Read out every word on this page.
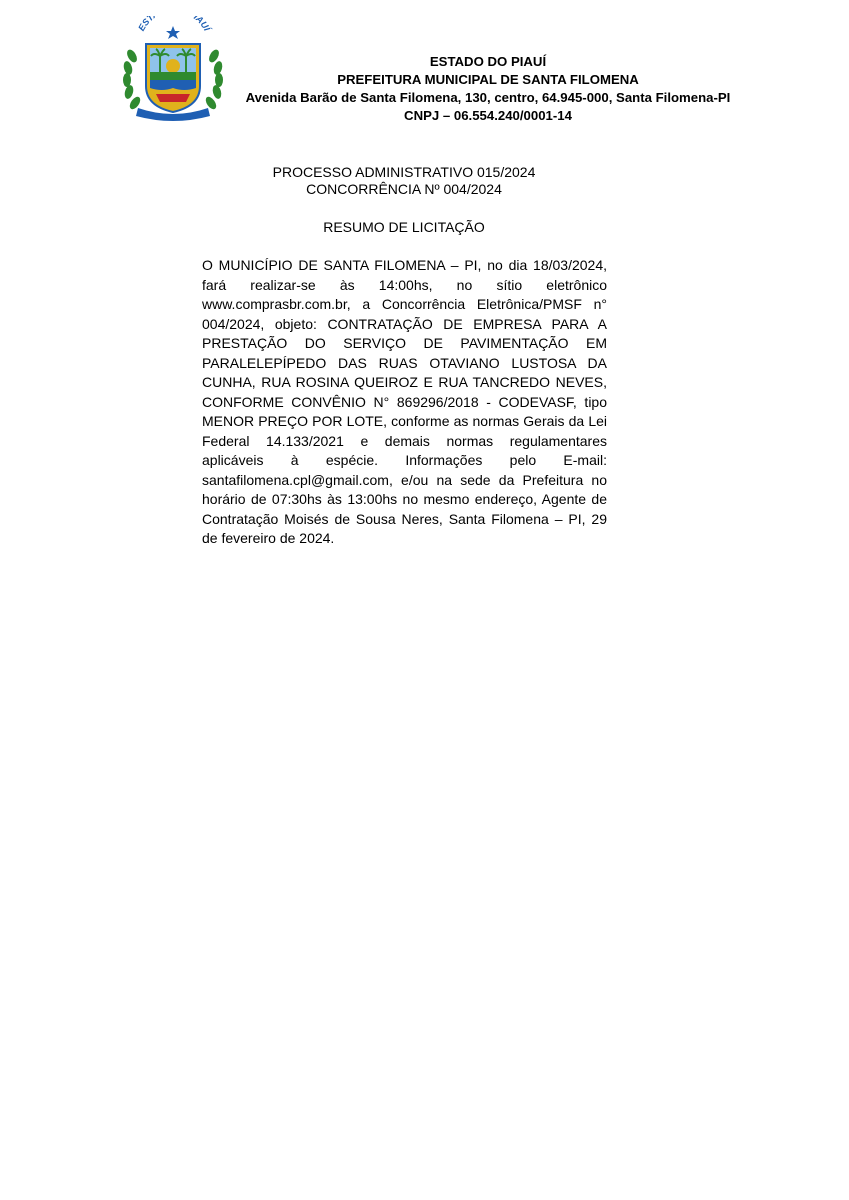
EST IAUÍ
ESTADO DO PIAUÍ
PREFEITURA MUNICIPAL DE SANTA FILOMENA
Avenida Barão de Santa Filomena, 130, centro, 64.945-000, Santa Filomena-PI
CNPJ – 06.554.240/0001-14
PROCESSO ADMINISTRATIVO 015/2024
CONCORRÊNCIA Nº 004/2024
RESUMO DE LICITAÇÃO
O MUNICÍPIO DE SANTA FILOMENA – PI, no dia 18/03/2024, fará realizar-se às 14:00hs, no sítio eletrônico www.comprasbr.com.br, a Concorrência Eletrônica/PMSF n° 004/2024, objeto: CONTRATAÇÃO DE EMPRESA PARA A PRESTAÇÃO DO SERVIÇO DE PAVIMENTAÇÃO EM PARALELEPÍPEDO DAS RUAS OTAVIANO LUSTOSA DA CUNHA, RUA ROSINA QUEIROZ E RUA TANCREDO NEVES, CONFORME CONVÊNIO N° 869296/2018 - CODEVASF, tipo MENOR PREÇO POR LOTE, conforme as normas Gerais da Lei Federal 14.133/2021 e demais normas regulamentares aplicáveis à espécie. Informações pelo E-mail: santafilomena.cpl@gmail.com, e/ou na sede da Prefeitura no horário de 07:30hs às 13:00hs no mesmo endereço, Agente de Contratação Moisés de Sousa Neres, Santa Filomena – PI, 29 de fevereiro de 2024.
